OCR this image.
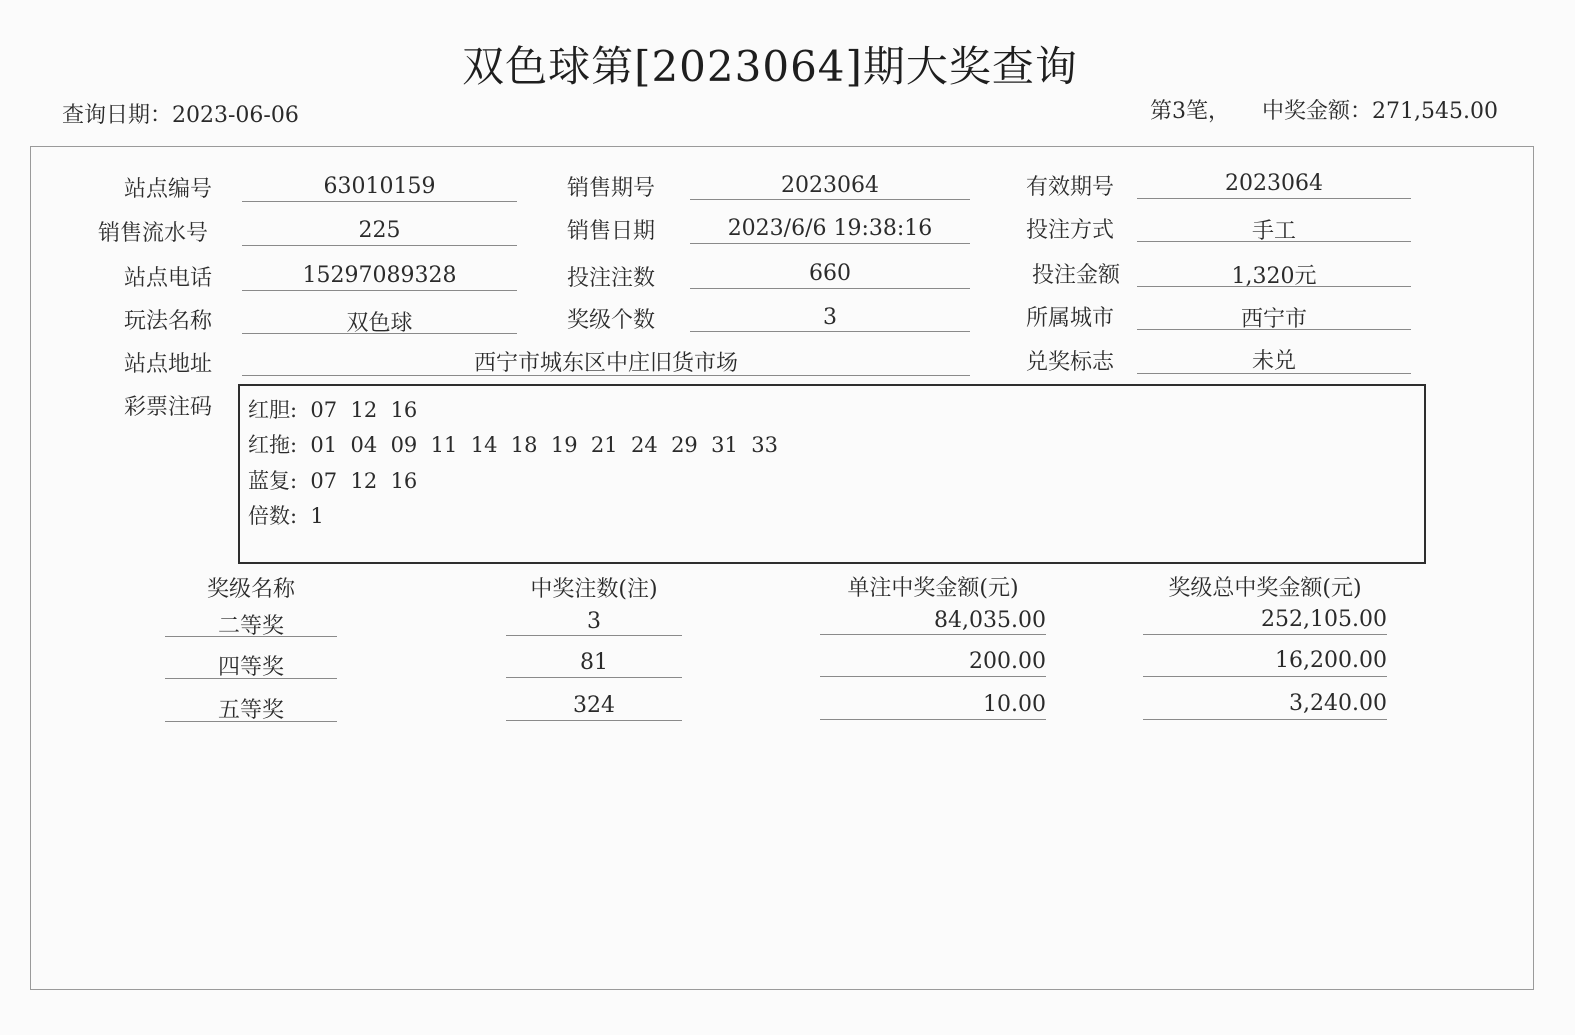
双色球第[2023064]期大奖查询
查询日期：2023-06-06	第3笔， 中奖金额：271,545.00
站点编号	63010159	销售期号	2023064	有效期号	2023064
销售流水号	225	销售日期	2023/6/6 19:38:16	投注方式	手工
站点电话	15297089328	投注注数	660	投注金额	1,320元
玩法名称	双色球	奖级个数	3	所属城市	西宁市
站点地址	西宁市城东区中庄旧货市场	兑奖标志	未兑
彩票注码 红胆:  07  12  16
红拖:  01  04  09  11  14  18  19  21  24  29  31  33
蓝复:  07  12  16
倍数:  1
奖级名称	中奖注数(注)	单注中奖金额(元)	奖级总中奖金额(元)
二等奖	3	84,035.00	252,105.00
四等奖	81	200.00	16,200.00
五等奖	324	10.00	3,240.00
